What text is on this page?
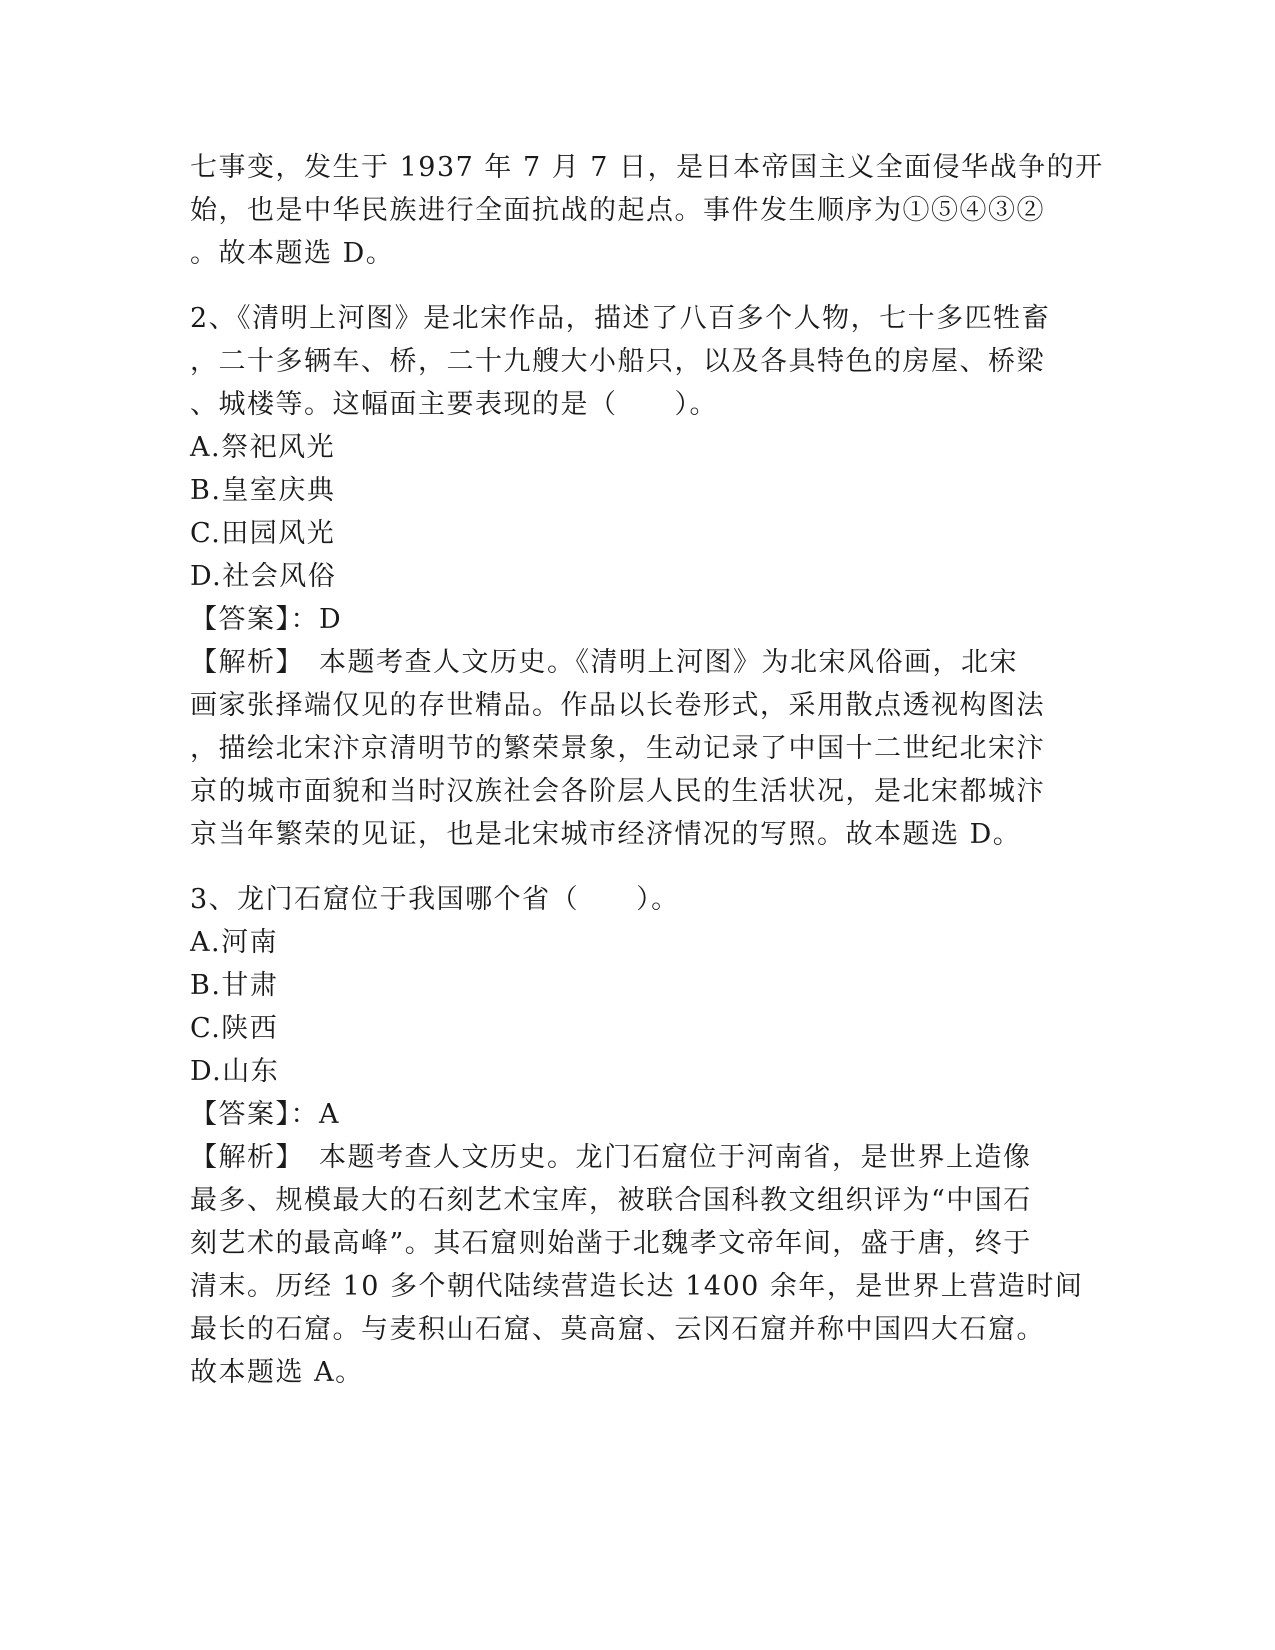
七事变，发生于 1937 年 7 月 7 日，是日本帝国主义全面侵华战争的开
始，也是中华民族进行全面抗战的起点。事件发生顺序为①⑤④③②
。故本题选 D。
2、《清明上河图》是北宋作品，描述了八百多个人物，七十多匹牲畜
，二十多辆车、桥，二十九艘大小船只，以及各具特色的房屋、桥梁
、城楼等。这幅面主要表现的是（　　）。
A.祭祀风光
B.皇室庆典
C.田园风光
D.社会风俗
【答案】：D
【解析】　本题考查人文历史。《清明上河图》为北宋风俗画，北宋
画家张择端仅见的存世精品。作品以长卷形式，采用散点透视构图法
，描绘北宋汴京清明节的繁荣景象，生动记录了中国十二世纪北宋汴
京的城市面貌和当时汉族社会各阶层人民的生活状况，是北宋都城汴
京当年繁荣的见证，也是北宋城市经济情况的写照。故本题选 D。
3、龙门石窟位于我国哪个省（　　）。
A.河南
B.甘肃
C.陕西
D.山东
【答案】：A
【解析】　本题考查人文历史。龙门石窟位于河南省，是世界上造像
最多、规模最大的石刻艺术宝库，被联合国科教文组织评为“中国石
刻艺术的最高峰”。其石窟则始凿于北魏孝文帝年间，盛于唐，终于
清末。历经 10 多个朝代陆续营造长达 1400 余年，是世界上营造时间
最长的石窟。与麦积山石窟、莫高窟、云冈石窟并称中国四大石窟。
故本题选 A。
